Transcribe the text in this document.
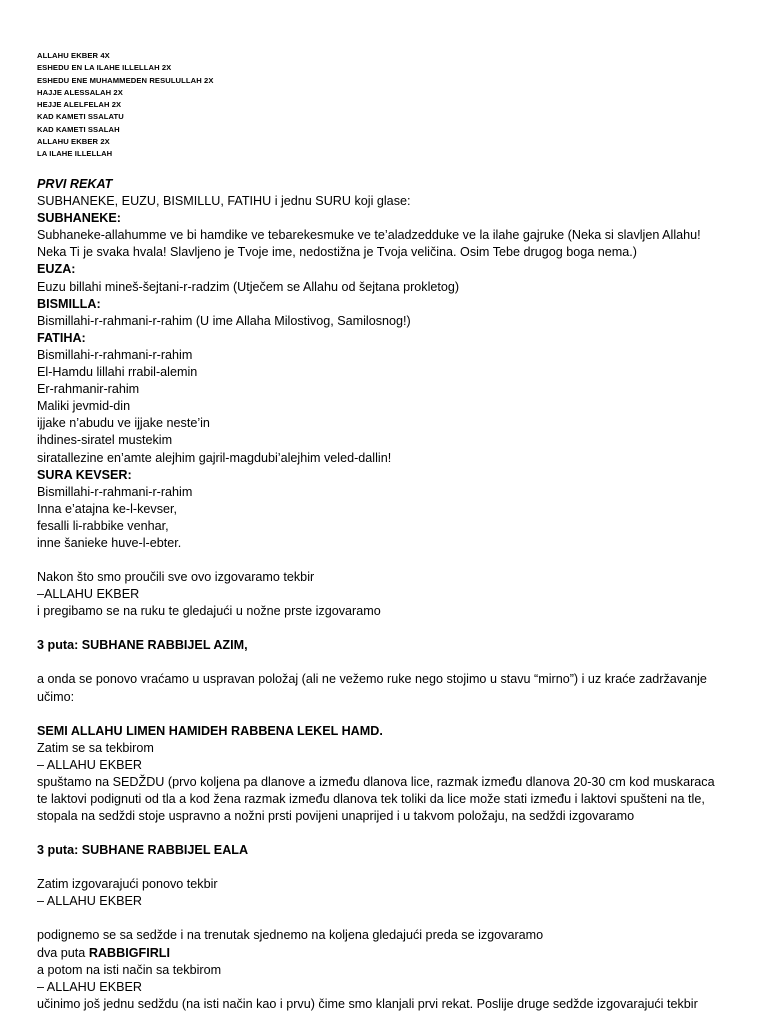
ALLAHU EKBER 4X
ESHEDU EN LA ILAHE ILLELLAH 2X
ESHEDU ENE MUHAMMEDEN RESULULLAH 2X
HAJJE ALESSALAH 2X
HEJJE ALELFELAH 2X
KAD KAMETI SSALATU
KAD KAMETI SSALAH
ALLAHU EKBER 2X
LA ILAHE ILLELLAH
PRVI REKAT
SUBHANEKE, EUZU, BISMILLU, FATIHU i jednu SURU koji glase:
SUBHANEKE:
Subhaneke-allahumme ve bi hamdike ve tebarekesmuke ve te’aladzedduke ve la ilahe gajruke (Neka si slavljen Allahu!
Neka Ti je svaka hvala! Slavljeno je Tvoje ime, nedostižna je Tvoja veličina. Osim Tebe drugog boga nema.)
EUZA:
Euzu billahi mineš-šejtani-r-radzim (Utječem se Allahu od šejtana prokletog)
BISMILLA:
Bismillahi-r-rahmani-r-rahim (U ime Allaha Milostivog, Samilosnog!)
FATIHA:
Bismillahi-r-rahmani-r-rahim
El-Hamdu lillahi rrabil-alemin
Er-rahmanir-rahim
Maliki jevmid-din
ijjake n’abudu ve ijjake neste’in
ihdines-siratel mustekim
siratallezine en’amte alejhim gajril-magdubi’alejhim veled-dallin!
SURA KEVSER:
Bismillahi-r-rahmani-r-rahim
Inna e’atajna ke-l-kevser,
fesalli li-rabbike venhar,
inne šanieke huve-l-ebter.
Nakon što smo proučili sve ovo izgovaramo tekbir
–ALLAHU EKBER
i pregibamo se na ruku te gledajući u nožne prste izgovaramo
3 puta: SUBHANE RABBIJEL AZIM,
a onda se ponovo vraćamo u uspravan položaj (ali ne vežemo ruke nego stojimo u stavu “mirno”) i uz kraće zadržavanje
učimo:
SEMI ALLAHU LIMEN HAMIDEH RABBENA LEKEL HAMD.
Zatim se sa tekbirom
– ALLAHU EKBER
spuštamo na SEDŽDU (prvo koljena pa dlanove a između dlanova lice, razmak između dlanova 20-30 cm kod muskaraca
te laktovi podignuti od tla a kod žena razmak između dlanova tek toliki da lice može stati između i laktovi spušteni na tle,
stopala na sedždi stoje uspravno a nožni prsti povijeni unaprijed i u takvom položaju, na sedždi izgovaramo
3 puta: SUBHANE RABBIJEL EALA
Zatim izgovarajući ponovo tekbir
– ALLAHU EKBER
podignemo se sa sedžde i na trenutak sjednemo na koljena gledajući preda se izgovaramo
dva puta RABBIGFIRLI
a potom na isti način sa tekbirom
– ALLAHU EKBER
učinimo još jednu sedždu (na isti način kao i prvu) čime smo klanjali prvi rekat. Poslije druge sedžde izgovarajući tekbir
